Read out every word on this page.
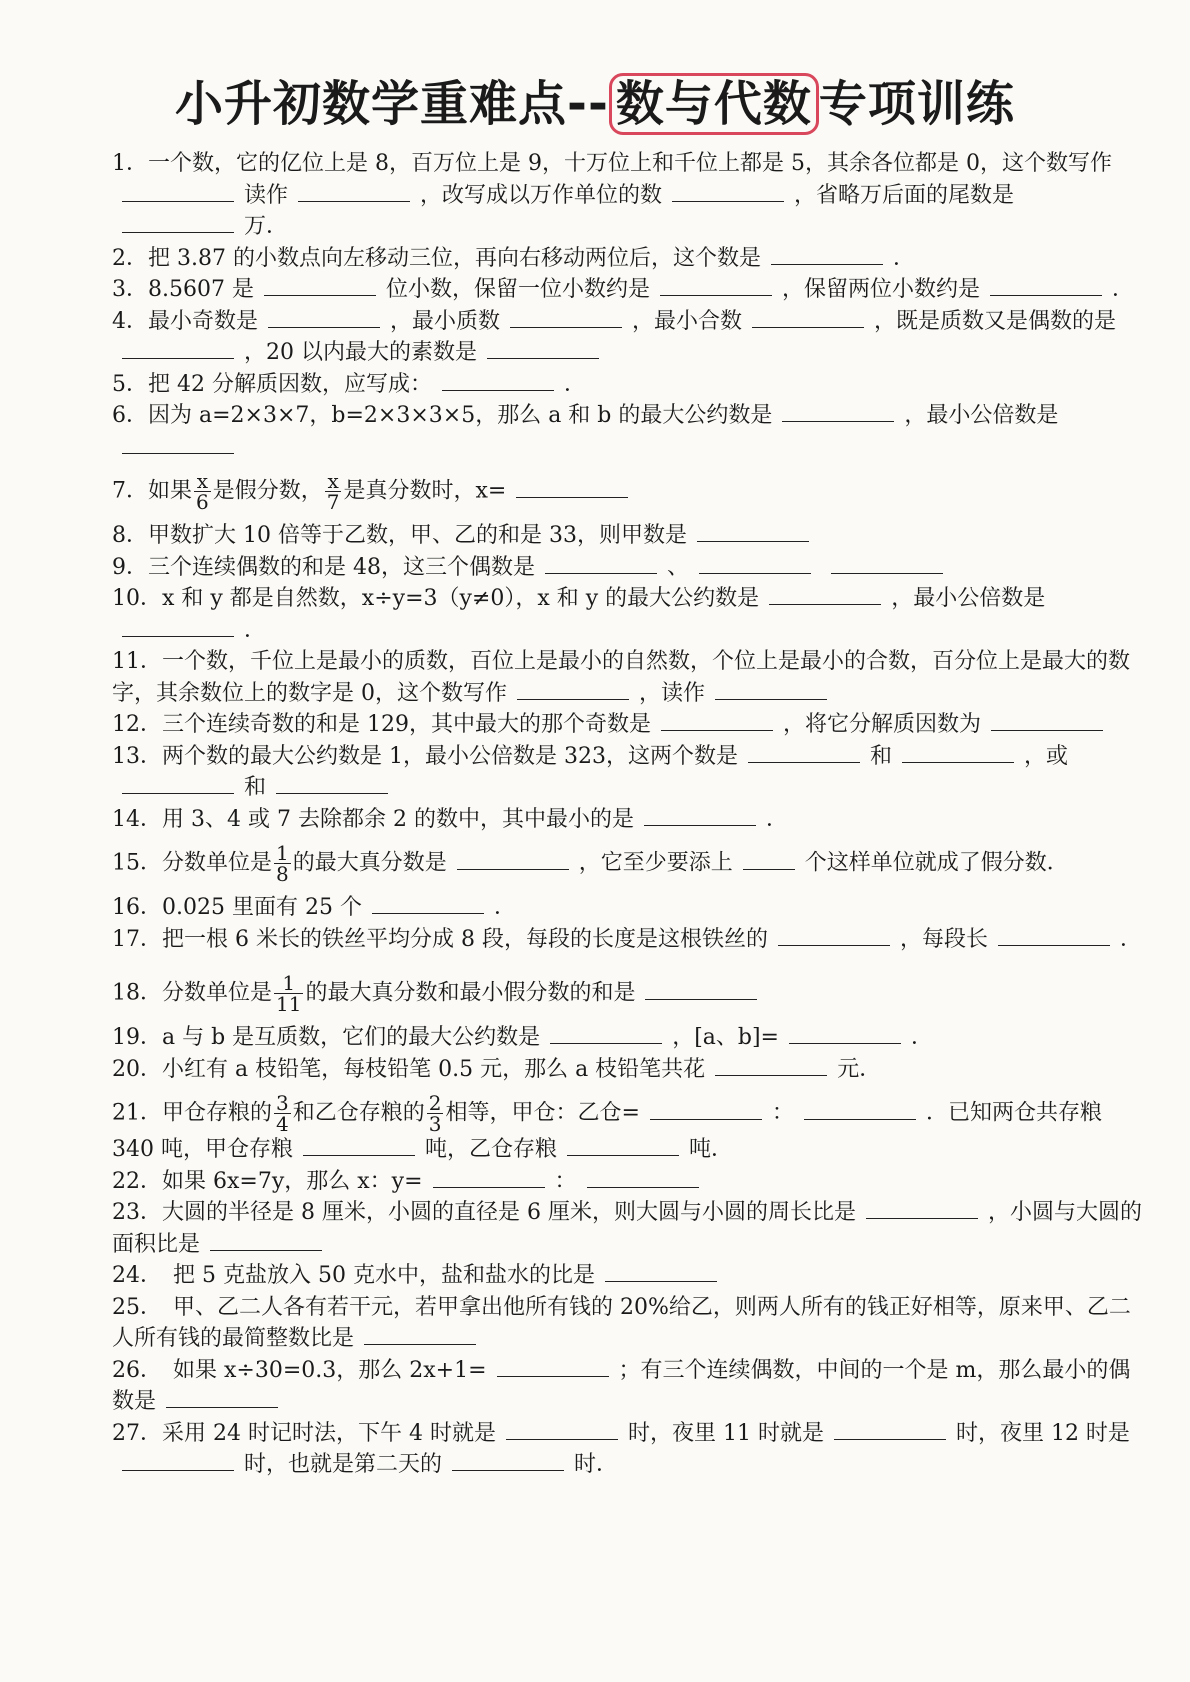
小升初数学重难点-- 数与代数 专项训练

1．一个数，它的亿位上是 8，百万位上是 9，十万位上和千位上都是 5，其余各位都是 0，这个数写作读作	，改写成以万作单位的数	，省略万后面的尾数是万．

2．把 3.87 的小数点向左移动三位，再向右移动两位后，这个数是	．

3．8.5607 是	位小数，保留一位小数约是	，保留两位小数约是	．

4．最小奇数是	，最小质数	，最小合数	，既是质数又是偶数的是，20 以内最大的素数是

5．把 42 分解质因数，应写成：	．

6．因为 a=2×3×7，b=2×3×3×5，那么 a 和 b 的最大公约数是	，最小公倍数是

7．如果 $\frac{x}{6}$ 是假分数， $\frac{x}{7}$ 是真分数时，x=

8．甲数扩大 10 倍等于乙数，甲、乙的和是 33，则甲数是

9．三个连续偶数的和是 48，这三个偶数是	、

10．x 和 y 都是自然数，x÷y=3（y≠0），x 和 y 的最大公约数是	，最小公倍数是．

11．一个数，千位上是最小的质数，百位上是最小的自然数，个位上是最小的合数，百分位上是最大的数字，其余数位上的数字是 0，这个数写作	，读作

12．三个连续奇数的和是 129，其中最大的那个奇数是	，将它分解质因数为

13．两个数的最大公约数是 1，最小公倍数是 323，这两个数是	和	，或和

14．用 3、4 或 7 去除都余 2 的数中，其中最小的是	．

15．分数单位是 $\frac{1}{8}$ 的最大真分数是	，它至少要添上	个这样单位就成了假分数．

16．0.025 里面有 25 个	．

17．把一根 6 米长的铁丝平均分成 8 段，每段的长度是这根铁丝的	，每段长	．

18．分数单位是 $\frac{1}{11}$ 的最大真分数和最小假分数的和是

19．a 与 b 是互质数，它们的最大公约数是	，[a、b]=	．

20．小红有 a 枝铅笔，每枝铅笔 0.5 元，那么 a 枝铅笔共花	元．

21．甲仓存粮的 $\frac{3}{4}$ 和乙仓存粮的 $\frac{2}{3}$ 相等，甲仓：乙仓=	：	．已知两仓共存粮 340 吨，甲仓存粮	吨，乙仓存粮	吨．

22．如果 6x=7y，那么 x：y=	：

23．大圆的半径是 8 厘米，小圆的直径是 6 厘米，则大圆与小圆的周长比是	，小圆与大圆的面积比是

24．　把 5 克盐放入 50 克水中，盐和盐水的比是

25．　甲、乙二人各有若干元，若甲拿出他所有钱的 20%给乙，则两人所有的钱正好相等，原来甲、乙二人所有钱的最简整数比是

26．　如果 x÷30=0.3，那么 2x+1=	；有三个连续偶数，中间的一个是 m，那么最小的偶数是

27．采用 24 时记时法，下午 4 时就是	时，夜里 11 时就是	时，夜里 12 时是时，也就是第二天的	时．
